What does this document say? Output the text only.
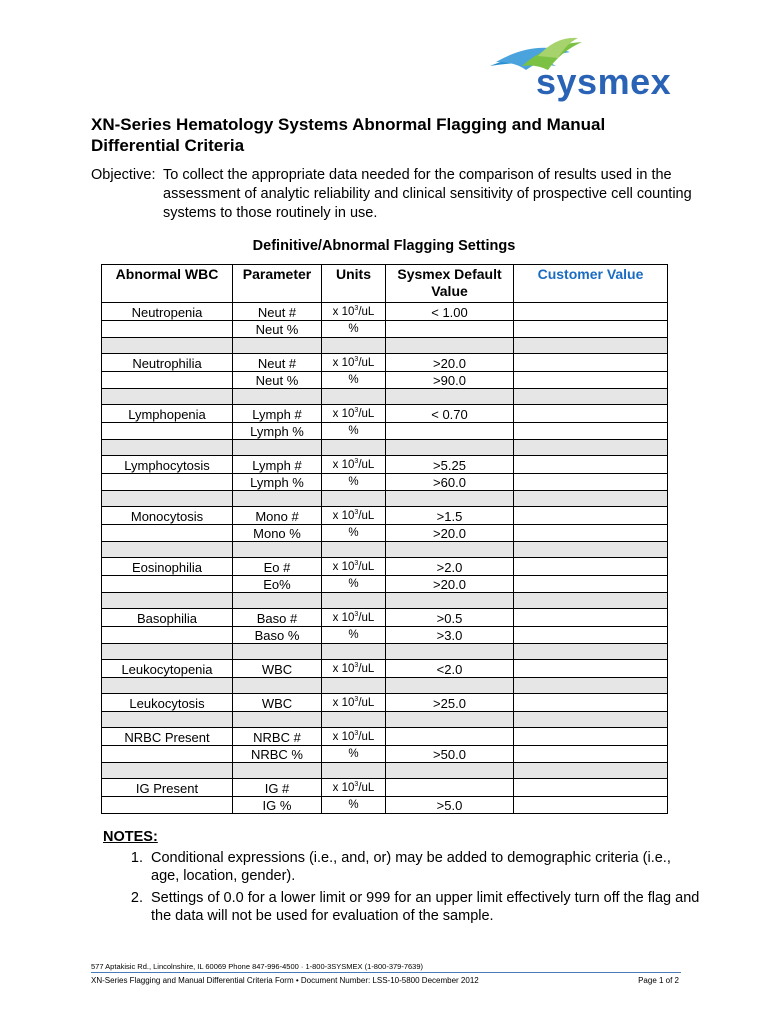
sysmex
XN-Series Hematology Systems Abnormal Flagging and Manual Differential Criteria
Objective: To collect the appropriate data needed for the comparison of results used in the assessment of analytic reliability and clinical sensitivity of prospective cell counting systems to those routinely in use.
Definitive/Abnormal Flagging Settings
Abnormal WBC	Parameter	Units	Sysmex Default Value	Customer Value
Neutropenia	Neut #	x $10^3/uL$	< 1.00	
	Neut %	%		

Neutrophilia	Neut #	x $10^3/uL$	>20.0	
	Neut %	%	>90.0	

Lymphopenia	Lymph #	x $10^3/uL$	< 0.70	
	Lymph %	%		

Lymphocytosis	Lymph #	x $10^3/uL$	>5.25	
	Lymph %	%	>60.0	

Monocytosis	Mono #	x $10^3/uL$	>1.5	
	Mono %	%	>20.0	

Eosinophilia	Eo #	x $10^3/uL$	>2.0	
	Eo%	%	>20.0	

Basophilia	Baso #	x $10^3/uL$	>0.5	
	Baso %	%	>3.0	

Leukocytopenia	WBC	x $10^3/uL$	<2.0	

Leukocytosis	WBC	x $10^3/uL$	>25.0	

NRBC Present	NRBC #	x $10^3/uL$		
	NRBC %	%	>50.0	

IG Present	IG #	x $10^3/uL$		
	IG %	%	>5.0	
NOTES:
1. Conditional expressions (i.e., and, or) may be added to demographic criteria (i.e., age, location, gender).
2. Settings of 0.0 for a lower limit or 999 for an upper limit effectively turn off the flag and the data will not be used for evaluation of the sample.
577 Aptakisic Rd., Lincolnshire, IL 60069 Phone 847-996-4500 · 1-800-3SYSMEX (1-800-379-7639)
XN-Series Flagging and Manual Differential Criteria Form • Document Number: LSS-10-5800 December 2012	Page 1 of 2
